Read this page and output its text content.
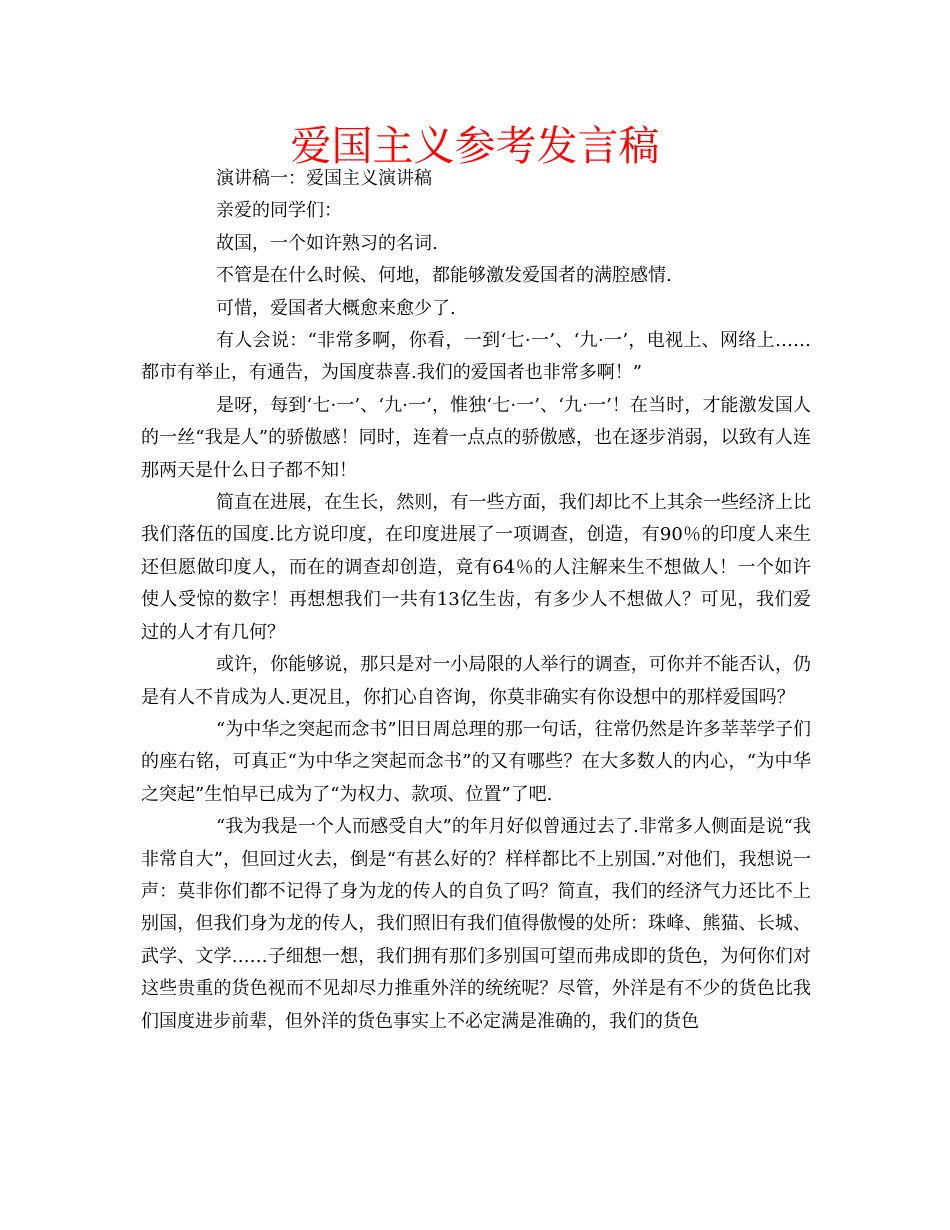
爱国主义参考发言稿

演讲稿一：爱国主义演讲稿

亲爱的同学们：

故国，一个如许熟习的名词.

不管是在什么时候、何地，都能够激发爱国者的满腔感情.

可惜，爱国者大概愈来愈少了.

有人会说：“非常多啊，你看，一到‘七·一’、‘九·一’，电视上、网络上……都市有举止，有通告，为国度恭喜.我们的爱国者也非常多啊！”

是呀，每到‘七·一’、‘九·一’，惟独‘七·一’、‘九·一’！在当时，才能激发国人的一丝“我是人”的骄傲感！同时，连着一点点的骄傲感，也在逐步消弱，以致有人连那两天是什么日子都不知！

简直在进展，在生长，然则，有一些方面，我们却比不上其余一些经济上比我们落伍的国度.比方说印度，在印度进展了一项调查，创造，有90％的印度人来生还但愿做印度人，而在的调查却创造，竟有64％的人注解来生不想做人！一个如许使人受惊的数字！再想想我们一共有13亿生齿，有多少人不想做人？可见，我们爱过的人才有几何？

或许，你能够说，那只是对一小局限的人举行的调查，可你并不能否认，仍是有人不肯成为人.更况且，你扪心自咨询，你莫非确实有你设想中的那样爱国吗？

“为中华之突起而念书”旧日周总理的那一句话，往常仍然是许多莘莘学子们的座右铭，可真正“为中华之突起而念书”的又有哪些？在大多数人的内心，“为中华之突起”生怕早已成为了“为权力、款项、位置”了吧.

“我为我是一个人而感受自大”的年月好似曾通过去了.非常多人侧面是说“我非常自大”，但回过火去，倒是“有甚么好的？样样都比不上别国.”对他们，我想说一声：莫非你们都不记得了身为龙的传人的自负了吗？简直，我们的经济气力还比不上别国，但我们身为龙的传人，我们照旧有我们值得傲慢的处所：珠峰、熊猫、长城、武学、文学……子细想一想，我们拥有那们多别国可望而弗成即的货色，为何你们对这些贵重的货色视而不见却尽力推重外洋的统统呢？尽管，外洋是有不少的货色比我们国度进步前辈，但外洋的货色事实上不必定满是准确的，我们的货色
